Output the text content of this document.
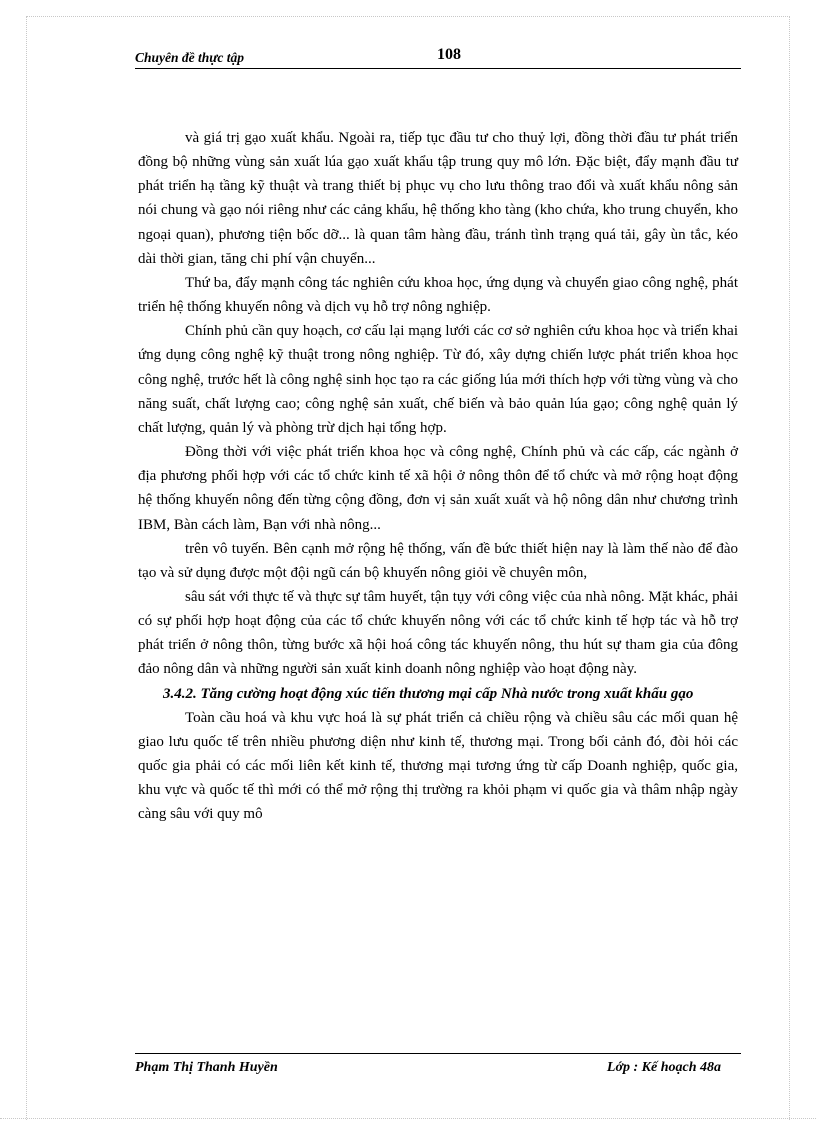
Chuyên đề thực tập	108

và giá trị gạo xuất khẩu. Ngoài ra, tiếp tục đầu tư cho thuỷ lợi, đồng thời đầu tư phát triển đồng bộ những vùng sản xuất lúa gạo xuất khẩu tập trung quy mô lớn. Đặc biệt, đẩy mạnh đầu tư phát triển hạ tầng kỹ thuật và trang thiết bị phục vụ cho lưu thông trao đổi và xuất khẩu nông sản nói chung và gạo nói riêng như các cảng khẩu, hệ thống kho tàng (kho chứa, kho trung chuyển, kho ngoại quan), phương tiện bốc dỡ... là quan tâm hàng đầu, tránh tình trạng quá tải, gây ùn tắc, kéo dài thời gian, tăng chi phí vận chuyển...

Thứ ba, đẩy mạnh công tác nghiên cứu khoa học, ứng dụng và chuyển giao công nghệ, phát triển hệ thống khuyến nông và dịch vụ hỗ trợ nông nghiệp.

Chính phủ cần quy hoạch, cơ cấu lại mạng lưới các cơ sở nghiên cứu khoa học và triển khai ứng dụng công nghệ kỹ thuật trong nông nghiệp. Từ đó, xây dựng chiến lược phát triển khoa học công nghệ, trước hết là công nghệ sinh học tạo ra các giống lúa mới thích hợp với từng vùng và cho năng suất, chất lượng cao; công nghệ sản xuất, chế biến và bảo quản lúa gạo; công nghệ quản lý chất lượng, quản lý và phòng trừ dịch hại tổng hợp.

Đồng thời với việc phát triển khoa học và công nghệ, Chính phủ và các cấp, các ngành ở địa phương phối hợp với các tổ chức kinh tế xã hội ở nông thôn để tổ chức và mở rộng hoạt động hệ thống khuyến nông đến từng cộng đồng, đơn vị sản xuất xuất và hộ nông dân như chương trình IBM, Bàn cách làm, Bạn với nhà nông...

trên vô tuyến. Bên cạnh mở rộng hệ thống, vấn đề bức thiết hiện nay là làm thế nào để đào tạo và sử dụng được một đội ngũ cán bộ khuyến nông giỏi về chuyên môn,

sâu sát với thực tế và thực sự tâm huyết, tận tụy với công việc của nhà nông. Mặt khác, phải có sự phối hợp hoạt động của các tổ chức khuyến nông với các tổ chức kinh tế hợp tác và hỗ trợ phát triển ở nông thôn, từng bước xã hội hoá công tác khuyến nông, thu hút sự tham gia của đông đảo nông dân và những người sản xuất kinh doanh nông nghiệp vào hoạt động này.

3.4.2. Tăng cường hoạt động xúc tiến thương mại cấp Nhà nước trong xuất khẩu gạo

Toàn cầu hoá và khu vực hoá là sự phát triển cả chiều rộng và chiều sâu các mối quan hệ giao lưu quốc tế trên nhiều phương diện như kinh tế, thương mại. Trong bối cảnh đó, đòi hỏi các quốc gia phải có các mối liên kết kinh tế, thương mại tương ứng từ cấp Doanh nghiệp, quốc gia, khu vực và quốc tế thì mới có thể mở rộng thị trường ra khỏi phạm vi quốc gia và thâm nhập ngày càng sâu với quy mô

Phạm Thị Thanh Huyền	Lớp : Kế hoạch 48a
